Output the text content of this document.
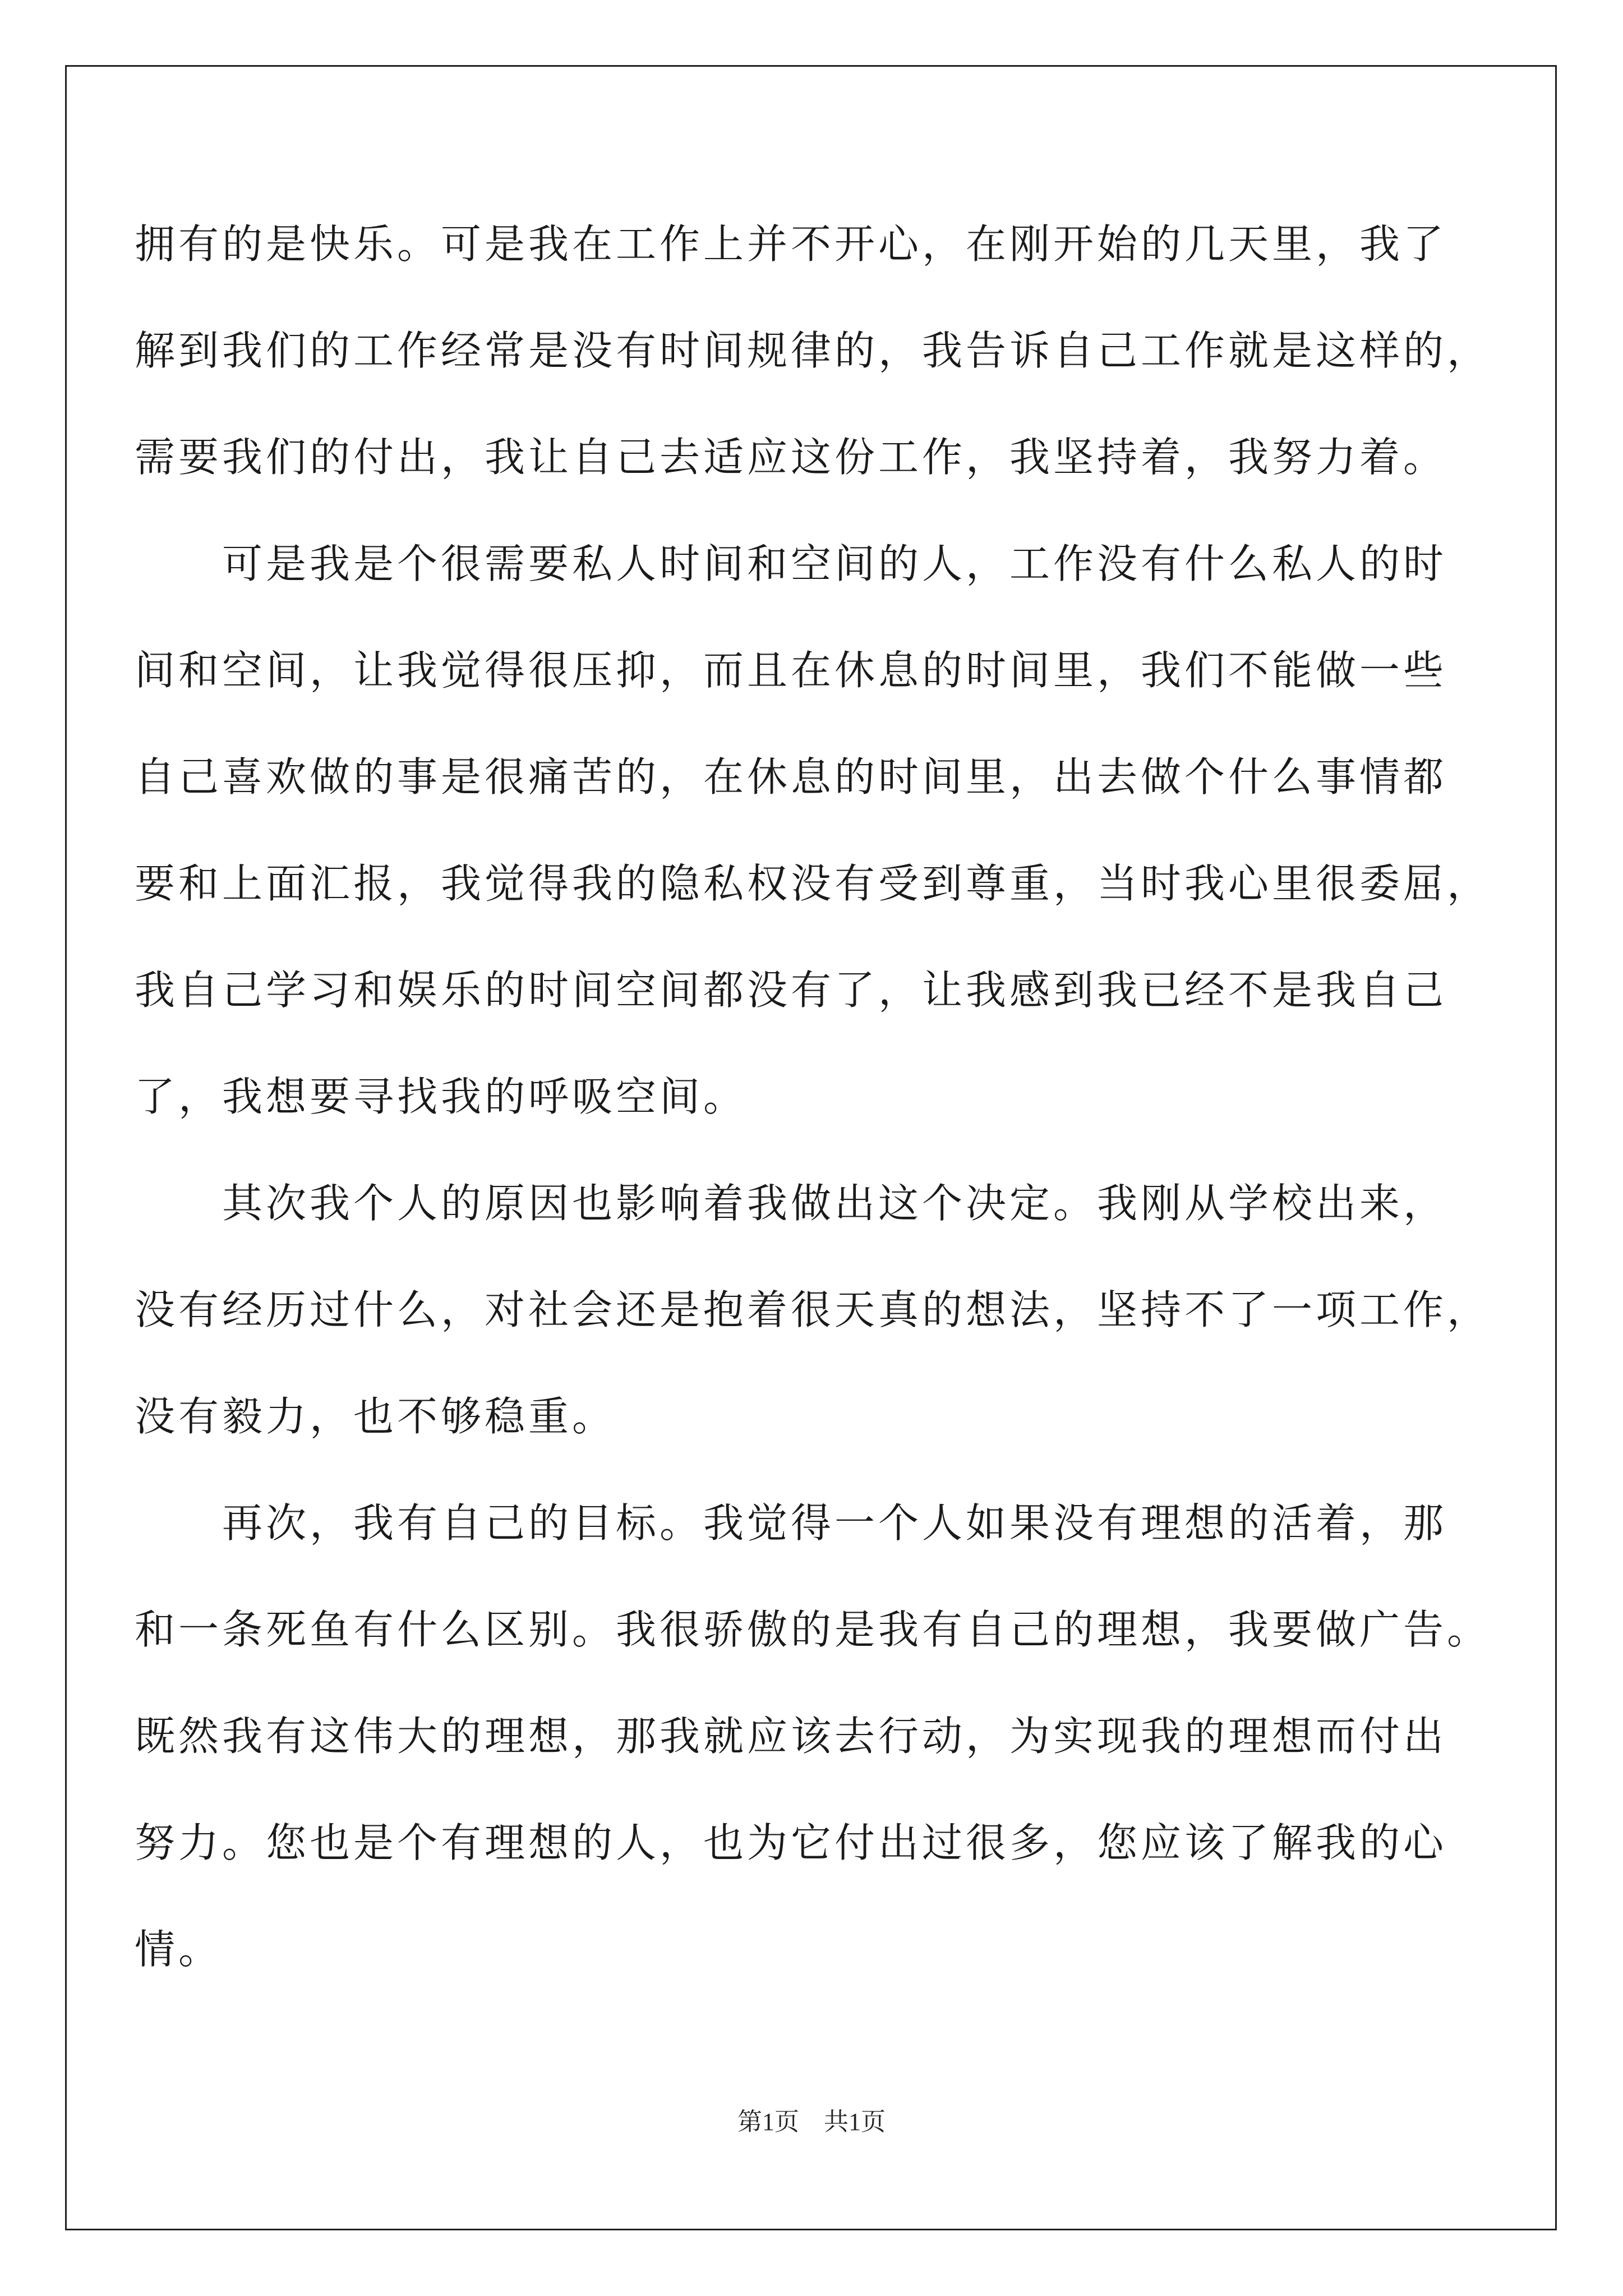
拥有的是快乐。可是我在工作上并不开心，在刚开始的几天里，我了
解到我们的工作经常是没有时间规律的，我告诉自己工作就是这样的，
需要我们的付出，我让自己去适应这份工作，我坚持着，我努力着。
　　可是我是个很需要私人时间和空间的人，工作没有什么私人的时
间和空间，让我觉得很压抑，而且在休息的时间里，我们不能做一些
自己喜欢做的事是很痛苦的，在休息的时间里，出去做个什么事情都
要和上面汇报，我觉得我的隐私权没有受到尊重，当时我心里很委屈，
我自己学习和娱乐的时间空间都没有了，让我感到我已经不是我自己
了，我想要寻找我的呼吸空间。
　　其次我个人的原因也影响着我做出这个决定。我刚从学校出来，
没有经历过什么，对社会还是抱着很天真的想法，坚持不了一项工作，
没有毅力，也不够稳重。
　　再次，我有自己的目标。我觉得一个人如果没有理想的活着，那
和一条死鱼有什么区别。我很骄傲的是我有自己的理想，我要做广告。
既然我有这伟大的理想，那我就应该去行动，为实现我的理想而付出
努力。您也是个有理想的人，也为它付出过很多，您应该了解我的心
情。
第1页　共1页
